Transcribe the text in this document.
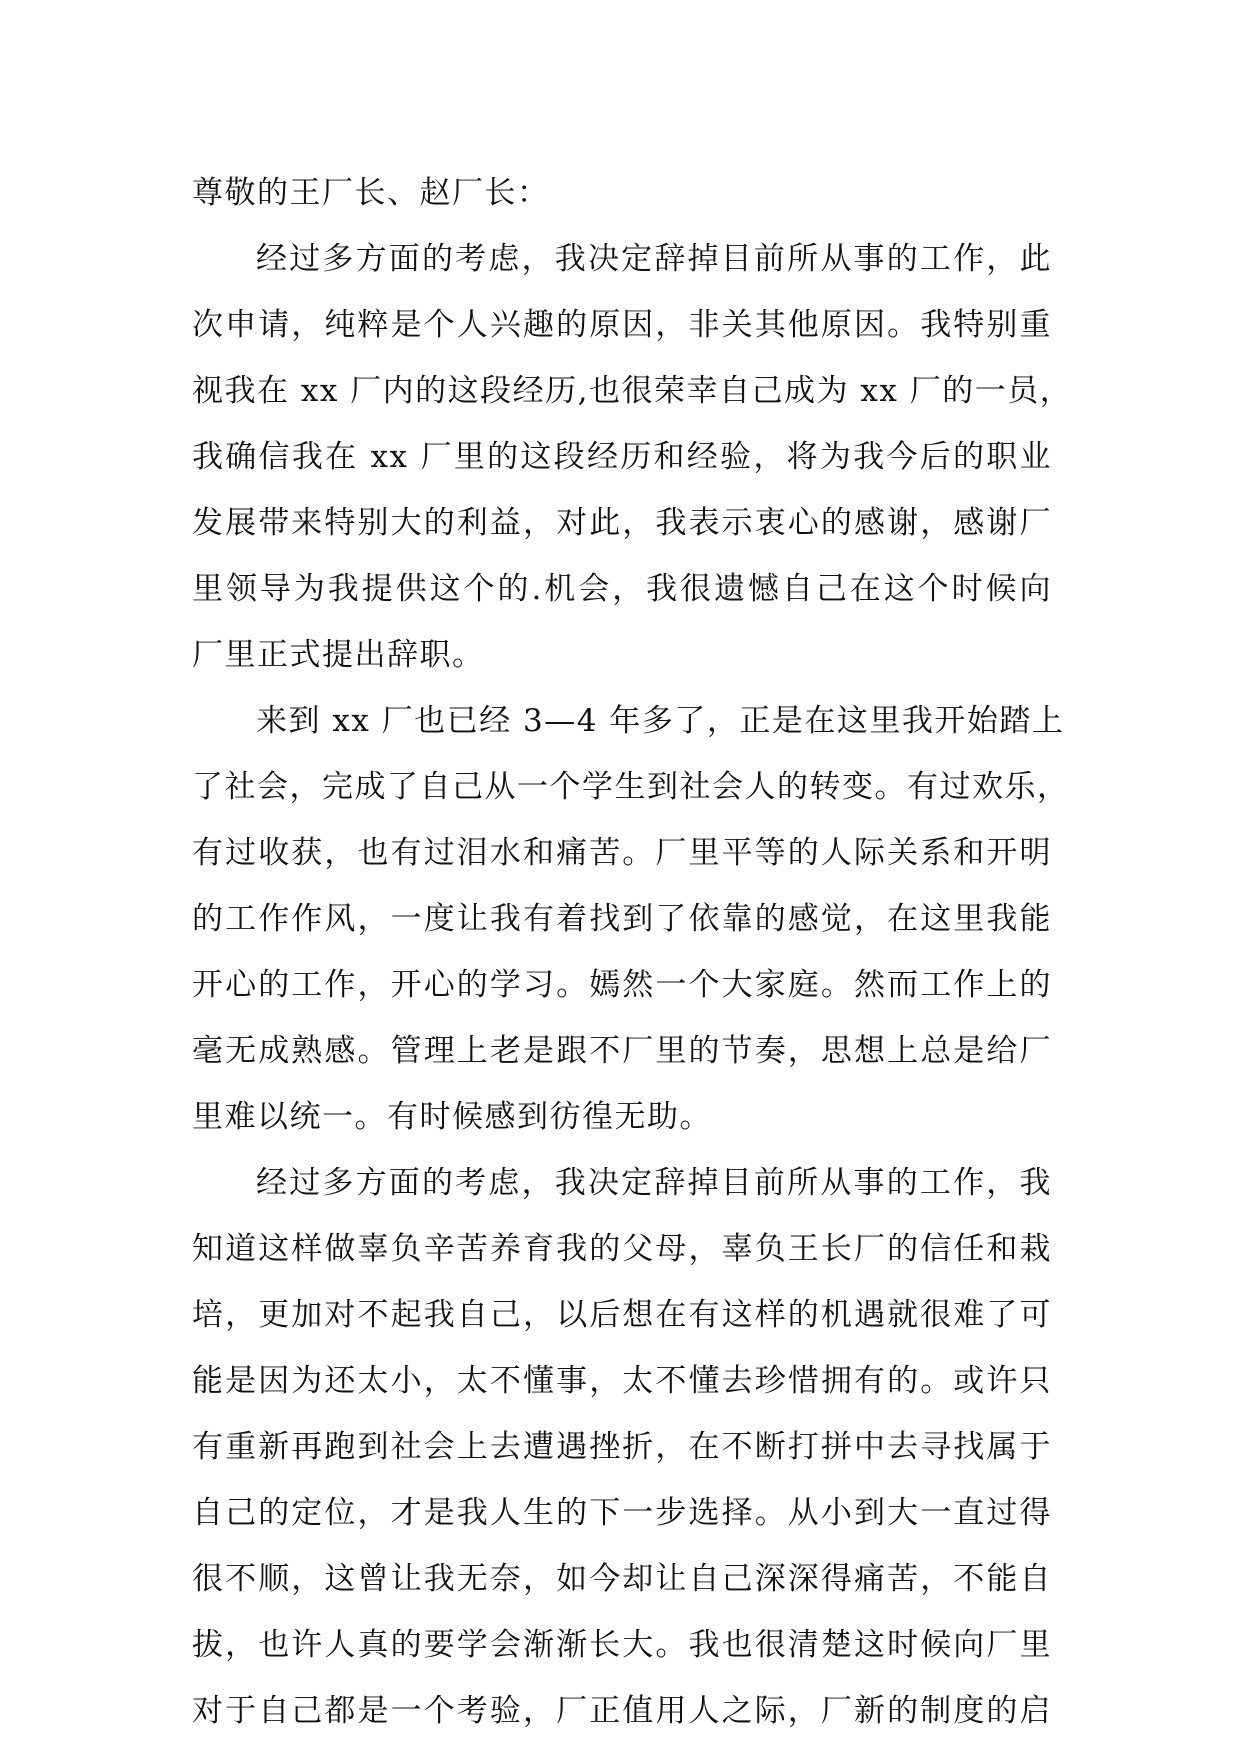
尊敬的王厂长、赵厂长：
经过多方面的考虑，我决定辞掉目前所从事的工作，此
次申请，纯粹是个人兴趣的原因，非关其他原因。我特别重
视我在 xx 厂内的这段经历,也很荣幸自己成为 xx 厂的一员，
我确信我在 xx 厂里的这段经历和经验，将为我今后的职业
发展带来特别大的利益，对此，我表示衷心的感谢，感谢厂
里领导为我提供这个的.机会，我很遗憾自己在这个时候向
厂里正式提出辞职。
来到 xx 厂也已经 3—4 年多了，正是在这里我开始踏上
了社会，完成了自己从一个学生到社会人的转变。有过欢乐，
有过收获，也有过泪水和痛苦。厂里平等的人际关系和开明
的工作作风，一度让我有着找到了依靠的感觉，在这里我能
开心的工作，开心的学习。嫣然一个大家庭。然而工作上的
毫无成熟感。管理上老是跟不厂里的节奏，思想上总是给厂
里难以统一。有时候感到彷徨无助。
经过多方面的考虑，我决定辞掉目前所从事的工作，我
知道这样做辜负辛苦养育我的父母，辜负王长厂的信任和栽
培，更加对不起我自己，以后想在有这样的机遇就很难了可
能是因为还太小，太不懂事，太不懂去珍惜拥有的。或许只
有重新再跑到社会上去遭遇挫折，在不断打拼中去寻找属于
自己的定位，才是我人生的下一步选择。从小到大一直过得
很不顺，这曾让我无奈，如今却让自己深深得痛苦，不能自
拔，也许人真的要学会渐渐长大。我也很清楚这时候向厂里
对于自己都是一个考验，厂正值用人之际，厂新的制度的启
